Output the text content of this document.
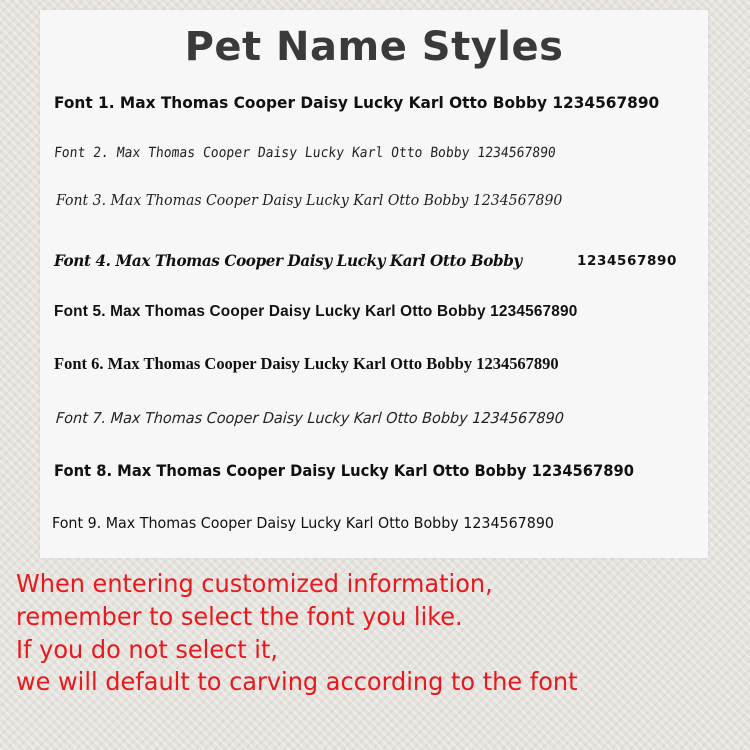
Pet Name Styles
Font 1. Max Thomas Cooper Daisy Lucky Karl Otto Bobby 1234567890
Font 2. Max Thomas Cooper Daisy Lucky Karl Otto Bobby 1234567890
Font 3. Max Thomas Cooper Daisy Lucky Karl Otto Bobby 1234567890
Font 4. Max Thomas Cooper Daisy Lucky Karl Otto Bobby	1234567890
Font 5. Max Thomas Cooper Daisy Lucky Karl Otto Bobby 1234567890
Font 6. Max Thomas Cooper Daisy Lucky Karl Otto Bobby 1234567890
Font 7. Max Thomas Cooper Daisy Lucky Karl Otto Bobby 1234567890
Font 8. Max Thomas Cooper Daisy Lucky Karl Otto Bobby 1234567890
Font 9. Max Thomas Cooper Daisy Lucky Karl Otto Bobby 1234567890
When entering customized information,
remember to select the font you like.
If you do not select it,
we will default to carving according to the font
